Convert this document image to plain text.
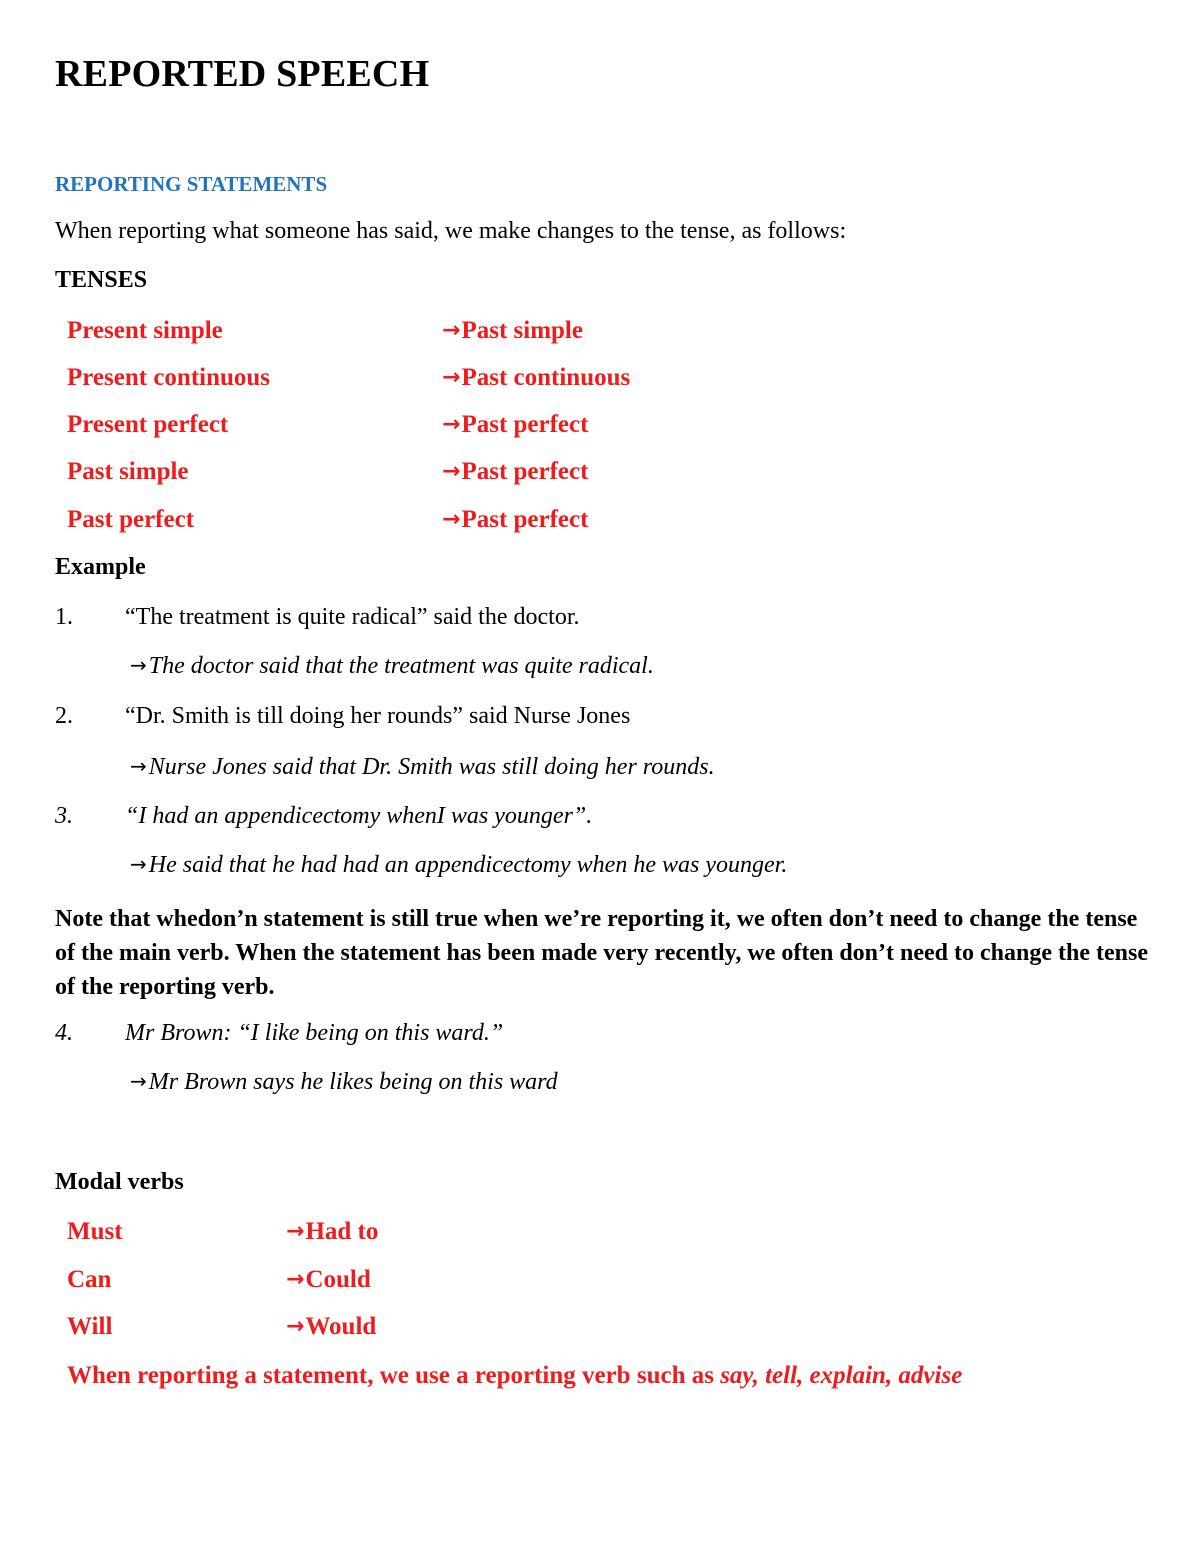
REPORTED SPEECH
REPORTING STATEMENTS
When reporting what someone has said, we make changes to the tense, as follows:
TENSES
Present simple	→Past simple
Present continuous	→Past continuous
Present perfect	→Past perfect
Past simple	→Past perfect
Past perfect	→Past perfect
Example
1. “The treatment is quite radical” said the doctor.
→The doctor said that the treatment was quite radical.
2. “Dr. Smith is till doing her rounds” said Nurse Jones
→Nurse Jones said that Dr. Smith was still doing her rounds.
3. “I had an appendicectomy whenI was younger”.
→He said that he had had an appendicectomy when he was younger.
Note that whedon’n statement is still true when we’re reporting it, we often don’t need to change the tense of the main verb. When the statement has been made very recently, we often don’t need to change the tense of the reporting verb.
4. Mr Brown: “I like being on this ward.”
→Mr Brown says he likes being on this ward
Modal verbs
Must	→Had to
Can	→Could
Will	→Would
When reporting a statement, we use a reporting verb such as say, tell, explain, advise
